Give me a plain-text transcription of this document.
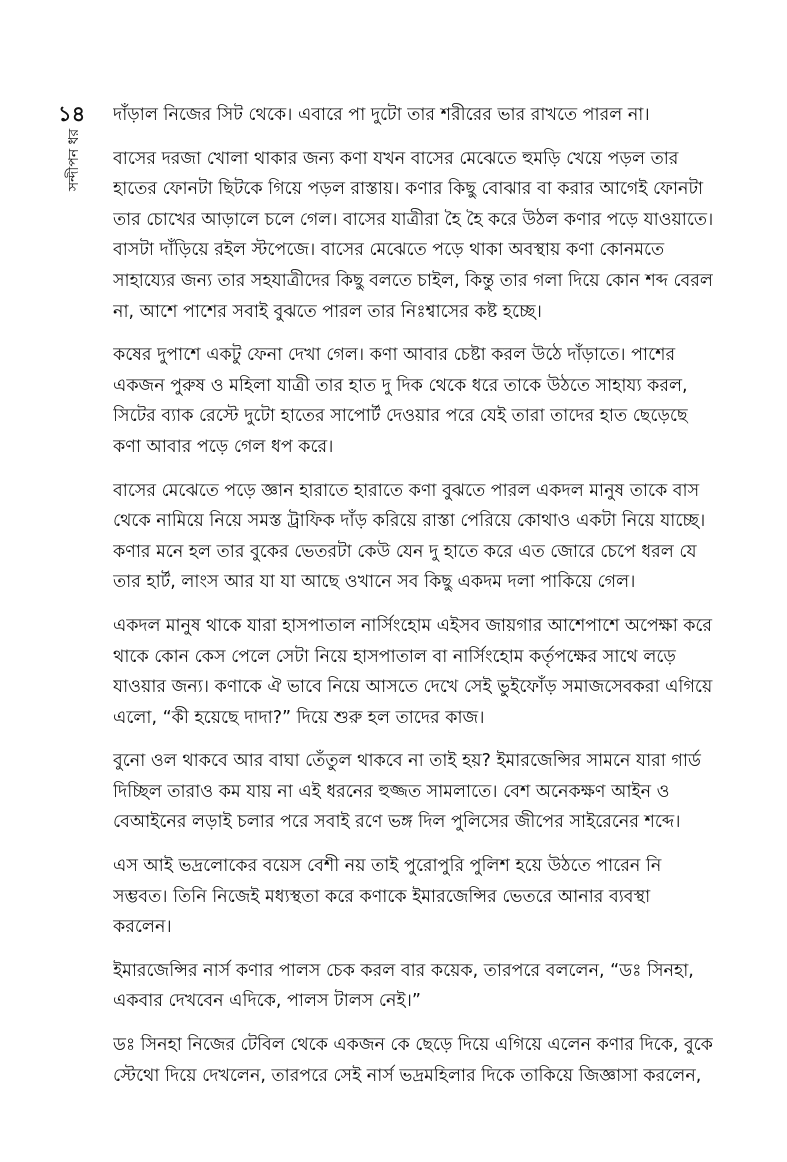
১৪
সন্দীপন ধর
দাঁড়াল নিজের সিট থেকে। এবারে পা দুটো তার শরীরের ভার রাখতে পারল না।
বাসের দরজা খোলা থাকার জন্য কণা যখন বাসের মেঝেতে হুমড়ি খেয়ে পড়ল তার
হাতের ফোনটা ছিটকে গিয়ে পড়ল রাস্তায়। কণার কিছু বোঝার বা করার আগেই ফোনটা
তার চোখের আড়ালে চলে গেল। বাসের যাত্রীরা হৈ হৈ করে উঠল কণার পড়ে যাওয়াতে।
বাসটা দাঁড়িয়ে রইল স্টপেজে। বাসের মেঝেতে পড়ে থাকা অবস্থায় কণা কোনমতে
সাহায্যের জন্য তার সহযাত্রীদের কিছু বলতে চাইল, কিন্তু তার গলা দিয়ে কোন শব্দ বেরল
না, আশে পাশের সবাই বুঝতে পারল তার নিঃশ্বাসের কষ্ট হচ্ছে।
কষের দুপাশে একটু ফেনা দেখা গেল। কণা আবার চেষ্টা করল উঠে দাঁড়াতে। পাশের
একজন পুরুষ ও মহিলা যাত্রী তার হাত দু দিক থেকে ধরে তাকে উঠতে সাহায্য করল,
সিটের ব্যাক রেস্টে দুটো হাতের সাপোর্ট দেওয়ার পরে যেই তারা তাদের হাত ছেড়েছে
কণা আবার পড়ে গেল ধপ করে।
বাসের মেঝেতে পড়ে জ্ঞান হারাতে হারাতে কণা বুঝতে পারল একদল মানুষ তাকে বাস
থেকে নামিয়ে নিয়ে সমস্ত ট্রাফিক দাঁড় করিয়ে রাস্তা পেরিয়ে কোথাও একটা নিয়ে যাচ্ছে।
কণার মনে হল তার বুকের ভেতরটা কেউ যেন দু হাতে করে এত জোরে চেপে ধরল যে
তার হার্ট, লাংস আর যা যা আছে ওখানে সব কিছু একদম দলা পাকিয়ে গেল।
একদল মানুষ থাকে যারা হাসপাতাল নার্সিংহোম এইসব জায়গার আশেপাশে অপেক্ষা করে
থাকে কোন কেস পেলে সেটা নিয়ে হাসপাতাল বা নার্সিংহোম কর্তৃপক্ষের সাথে লড়ে
যাওয়ার জন্য। কণাকে ঐ ভাবে নিয়ে আসতে দেখে সেই ভুইফোঁড় সমাজসেবকরা এগিয়ে
এলো, “কী হয়েছে দাদা?” দিয়ে শুরু হল তাদের কাজ।
বুনো ওল থাকবে আর বাঘা তেঁতুল থাকবে না তাই হয়? ইমারজেন্সির সামনে যারা গার্ড
দিচ্ছিল তারাও কম যায় না এই ধরনের হুজ্জত সামলাতে। বেশ অনেকক্ষণ আইন ও
বেআইনের লড়াই চলার পরে সবাই রণে ভঙ্গ দিল পুলিসের জীপের সাইরেনের শব্দে।
এস আই ভদ্রলোকের বয়েস বেশী নয় তাই পুরোপুরি পুলিশ হয়ে উঠতে পারেন নি
সম্ভবত। তিনি নিজেই মধ্যস্থতা করে কণাকে ইমারজেন্সির ভেতরে আনার ব্যবস্থা
করলেন।
ইমারজেন্সির নার্স কণার পালস চেক করল বার কয়েক, তারপরে বললেন, “ডঃ সিনহা,
একবার দেখবেন এদিকে, পালস টালস নেই।”
ডঃ সিনহা নিজের টেবিল থেকে একজন কে ছেড়ে দিয়ে এগিয়ে এলেন কণার দিকে, বুকে
স্টেথো দিয়ে দেখলেন, তারপরে সেই নার্স ভদ্রমহিলার দিকে তাকিয়ে জিজ্ঞাসা করলেন,
